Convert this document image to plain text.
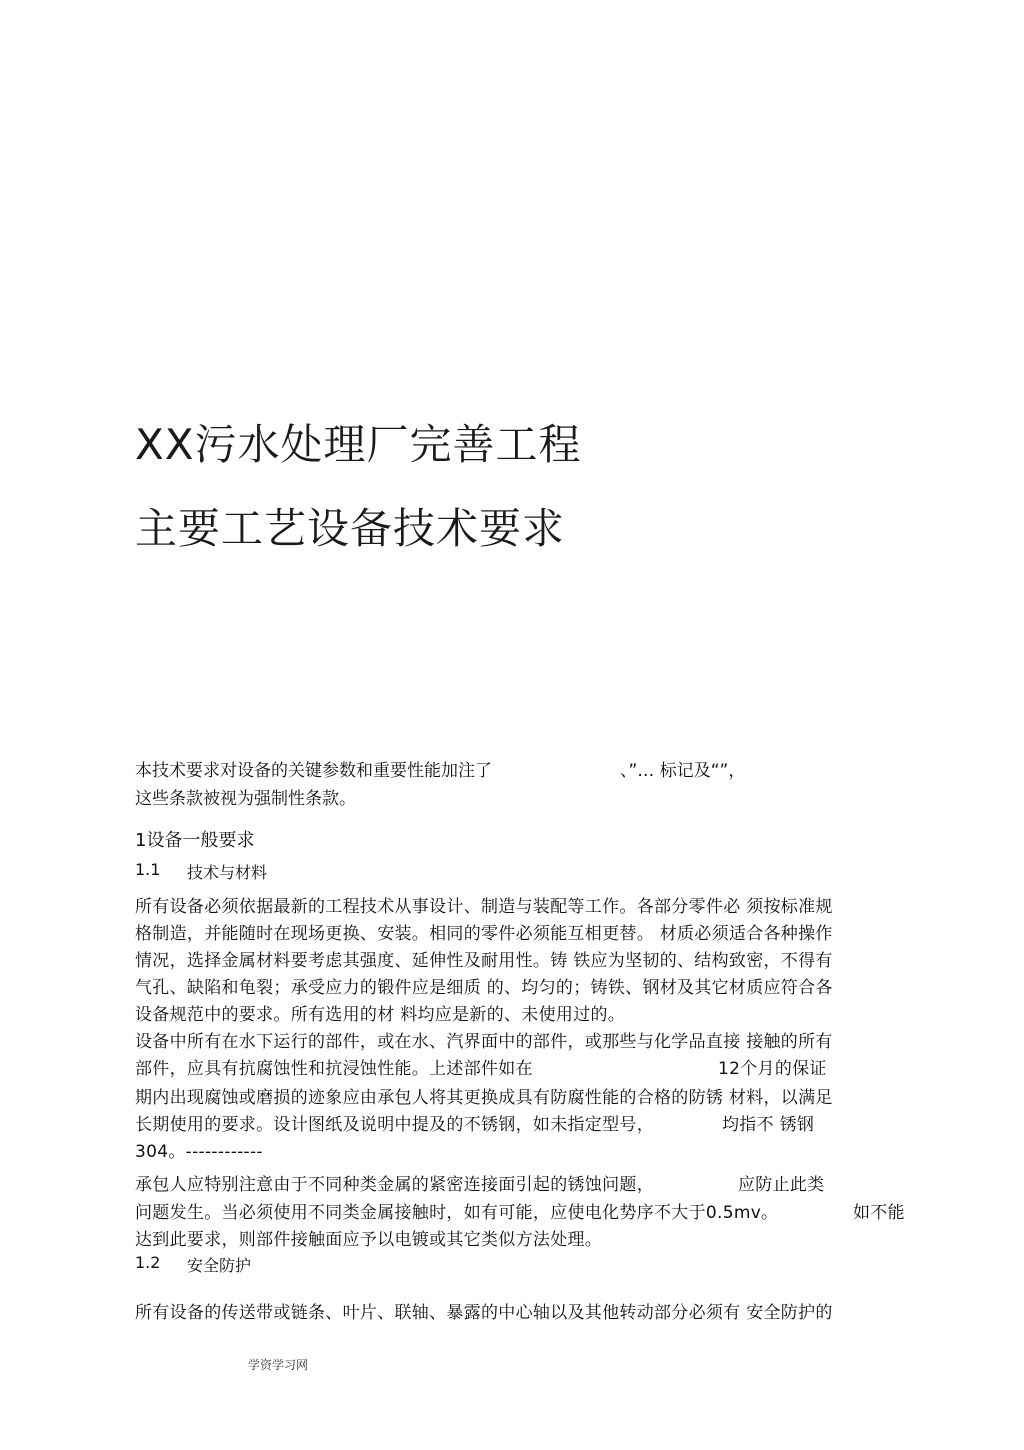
XX污水处理厂完善工程
主要工艺设备技术要求
本技术要求对设备的关键参数和重要性能加注了	、”… 标记及“”，
这些条款被视为强制性条款。
1设备一般要求
1.1 技术与材料
所有设备必须依据最新的工程技术从事设计、制造与装配等工作。各部分零件必 须按标准规
格制造，并能随时在现场更换、安装。相同的零件必须能互相更替。 材质必须适合各种操作
情况，选择金属材料要考虑其强度、延伸性及耐用性。铸 铁应为坚韧的、结构致密，不得有
气孔、缺陷和龟裂；承受应力的锻件应是细质 的、均匀的；铸铁、钢材及其它材质应符合各
设备规范中的要求。所有选用的材 料均应是新的、未使用过的。
设备中所有在水下运行的部件，或在水、汽界面中的部件，或那些与化学品直接 接触的所有
部件，应具有抗腐蚀性和抗浸蚀性能。上述部件如在	12个月的保证
期内出现腐蚀或磨损的迹象应由承包人将其更换成具有防腐性能的合格的防锈 材料，以满足
长期使用的要求。设计图纸及说明中提及的不锈钢，如未指定型号，	均指不 锈钢
304。------------
承包人应特别注意由于不同种类金属的紧密连接面引起的锈蚀问题，	应防止此类
问题发生。当必须使用不同类金属接触时，如有可能，应使电化势序不大于0.5mv。	如不能
达到此要求，则部件接触面应予以电镀或其它类似方法处理。
1.2 安全防护
所有设备的传送带或链条、叶片、联轴、暴露的中心轴以及其他转动部分必须有 安全防护的
学资学习网
